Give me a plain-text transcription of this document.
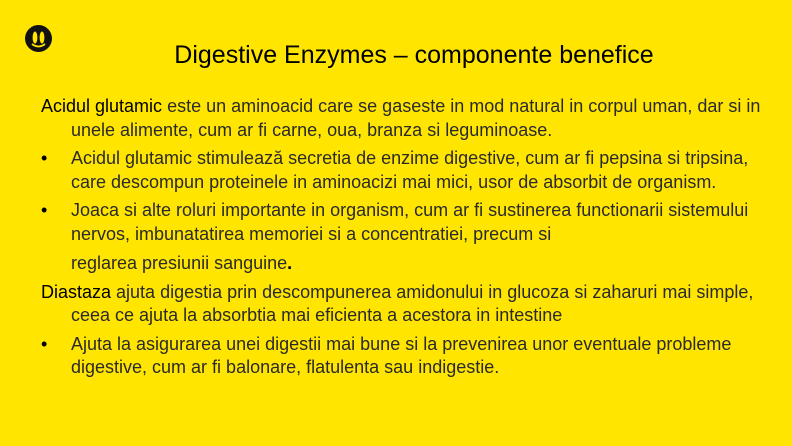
Digestive Enzymes – componente benefice

Acidul glutamic este un aminoacid care se gaseste in mod natural in corpul uman, dar si in unele alimente, cum ar fi carne, oua, branza si leguminoase.

• Acidul glutamic stimulează secretia de enzime digestive, cum ar fi pepsina si tripsina, care descompun proteinele in aminoacizi mai mici, usor de absorbit de organism.
• Joaca si alte roluri importante in organism, cum ar fi sustinerea functionarii sistemului nervos, imbunatatirea memoriei si a concentratiei, precum si reglarea presiunii sanguine.

Diastaza ajuta digestia prin descompunerea amidonului in glucoza si zaharuri mai simple, ceea ce ajuta la absorbtia mai eficienta a acestora in intestine

• Ajuta la asigurarea unei digestii mai bune si la prevenirea unor eventuale probleme digestive, cum ar fi balonare, flatulenta sau indigestie.
